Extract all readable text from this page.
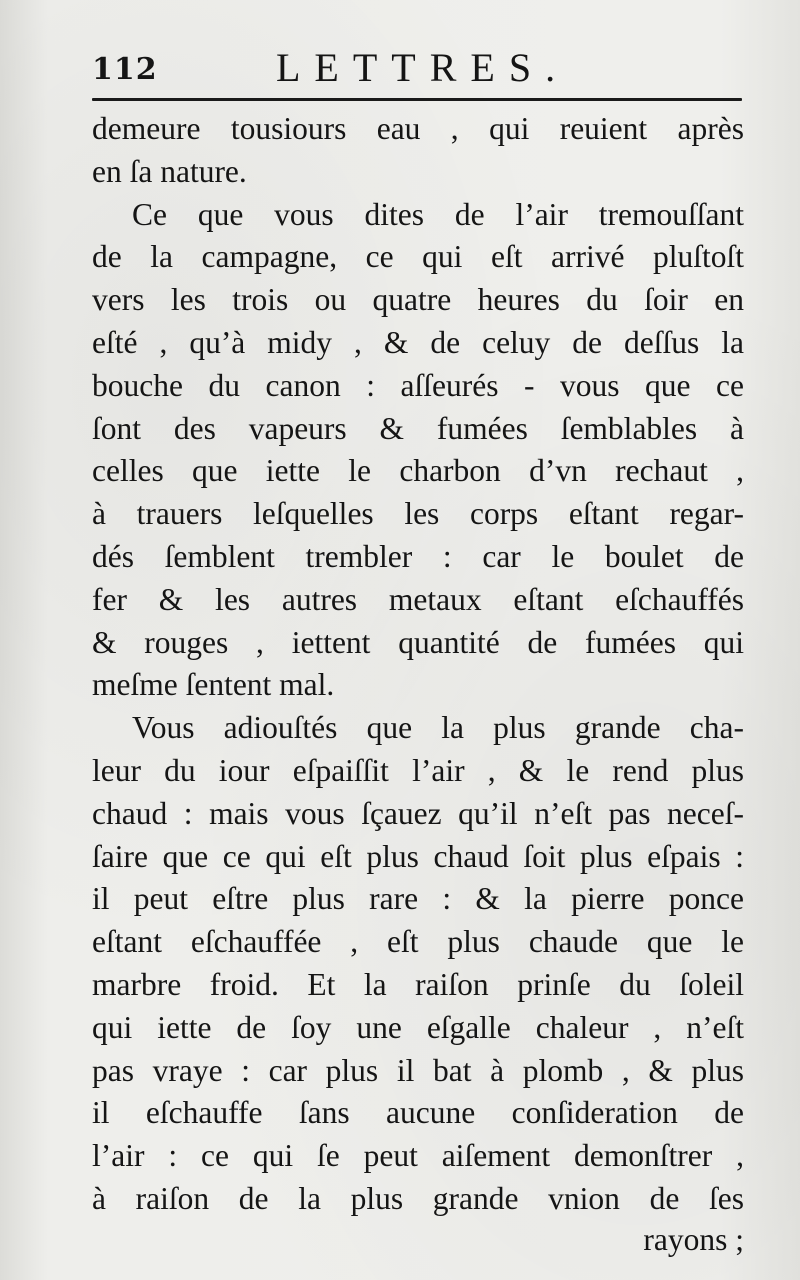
112	LETTRES.
demeure tousiours eau , qui reuient après
en ſa nature.
Ce que vous dites de l’air tremouſſant
de la campagne, ce qui eſt arrivé pluſtoſt
vers les trois ou quatre heures du ſoir en
eſté , qu’à midy , & de celuy de deſſus la
bouche du canon : aſſeurés - vous que ce
ſont des vapeurs & fumées ſemblables à
celles que iette le charbon d’vn rechaut ,
à trauers leſquelles les corps eſtant regar-
dés ſemblent trembler : car le boulet de
fer & les autres metaux eſtant eſchauffés
& rouges , iettent quantité de fumées qui
meſme ſentent mal.
Vous adiouſtés que la plus grande cha-
leur du iour eſpaiſſit l’air , & le rend plus
chaud : mais vous ſçauez qu’il n’eſt pas neceſ-
ſaire que ce qui eſt plus chaud ſoit plus eſpais :
il peut eſtre plus rare : & la pierre ponce
eſtant eſchauffée , eſt plus chaude que le
marbre froid. Et la raiſon prinſe du ſoleil
qui iette de ſoy une eſgalle chaleur , n’eſt
pas vraye : car plus il bat à plomb , & plus
il eſchauffe ſans aucune conſideration de
l’air : ce qui ſe peut aiſement demonſtrer ,
à raiſon de la plus grande vnion de ſes
rayons ;
